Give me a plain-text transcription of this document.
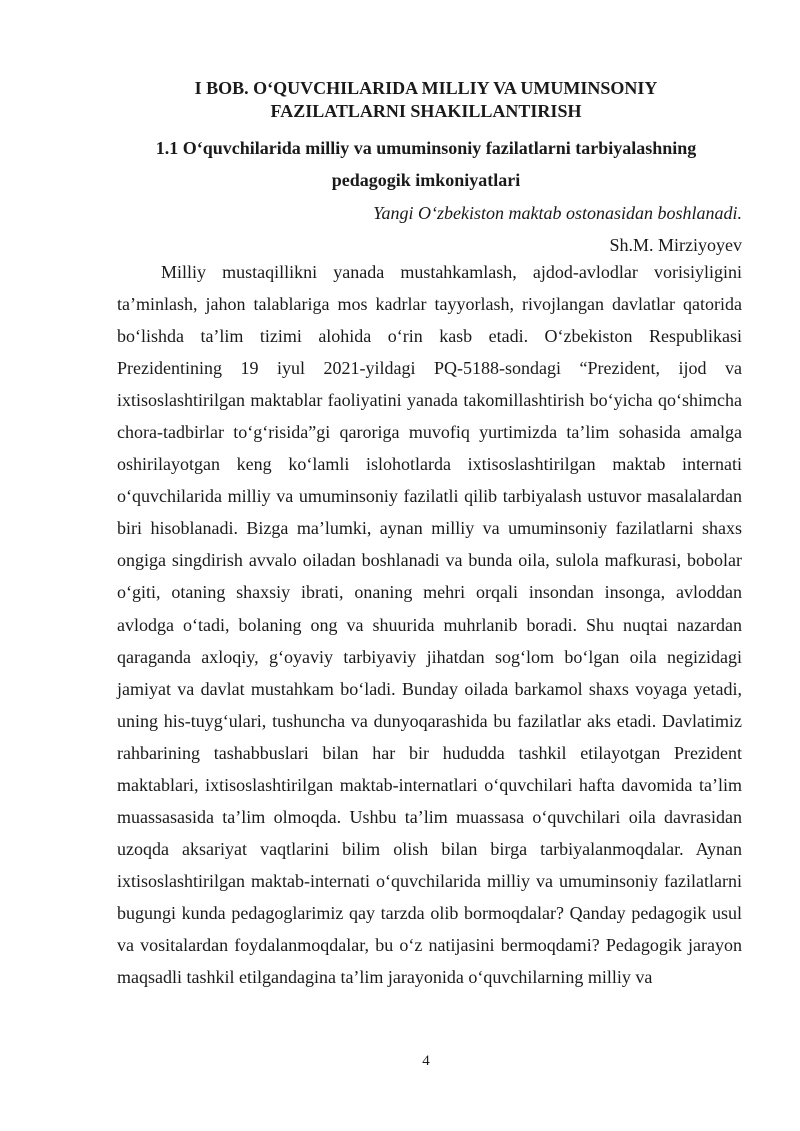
I BOB. O‘QUVCHILARIDA MILLIY VA UMUMINSONIY
FAZILATLARNI SHAKILLANTIRISH
1.1 O‘quvchilarida milliy va umuminsoniy fazilatlarni tarbiyalashning
pedagogik imkoniyatlari
Yangi O‘zbekiston maktab ostonasidan boshlanadi.
Sh.M. Mirziyoyev

Milliy mustaqillikni yanada mustahkamlash, ajdod-avlodlar vorisiyligini ta’minlash, jahon talablariga mos kadrlar tayyorlash, rivojlangan davlatlar qatorida bo‘lishda ta’lim tizimi alohida o‘rin kasb etadi. O‘zbekiston Respublikasi Prezidentining 19 iyul 2021-yildagi PQ-5188-sondagi “Prezident, ijod va ixtisoslashtirilgan maktablar faoliyatini yanada takomillashtirish bo‘yicha qo‘shimcha chora-tadbirlar to‘g‘risida”gi qaroriga muvofiq yurtimizda ta’lim sohasida amalga oshirilayotgan keng ko‘lamli islohotlarda ixtisoslashtirilgan maktab internati o‘quvchilarida milliy va umuminsoniy fazilatli qilib tarbiyalash ustuvor masalalardan biri hisoblanadi. Bizga ma’lumki, aynan milliy va umuminsoniy fazilatlarni shaxs ongiga singdirish avvalo oiladan boshlanadi va bunda oila, sulola mafkurasi, bobolar o‘giti, otaning shaxsiy ibrati, onaning mehri orqali insondan insonga, avloddan avlodga o‘tadi, bolaning ong va shuurida muhrlanib boradi. Shu nuqtai nazardan qaraganda axloqiy, g‘oyaviy tarbiyaviy jihatdan sog‘lom bo‘lgan oila negizidagi jamiyat va davlat mustahkam bo‘ladi. Bunday oilada barkamol shaxs voyaga yetadi, uning his-tuyg‘ulari, tushuncha va dunyoqarashida bu fazilatlar aks etadi. Davlatimiz rahbarining tashabbuslari bilan har bir hududda tashkil etilayotgan Prezident maktablari, ixtisoslashtirilgan maktab-internatlari o‘quvchilari hafta davomida ta’lim muassasasida ta’lim olmoqda. Ushbu ta’lim muassasa o‘quvchilari oila davrasidan uzoqda aksariyat vaqtlarini bilim olish bilan birga tarbiyalanmoqdalar. Aynan ixtisoslashtirilgan maktab-internati o‘quvchilarida milliy va umuminsoniy fazilatlarni bugungi kunda pedagoglarimiz qay tarzda olib bormoqdalar? Qanday pedagogik usul va vositalardan foydalanmoqdalar, bu o‘z natijasini bermoqdami? Pedagogik jarayon maqsadli tashkil etilgandagina ta’lim jarayonida o‘quvchilarning milliy va

4
